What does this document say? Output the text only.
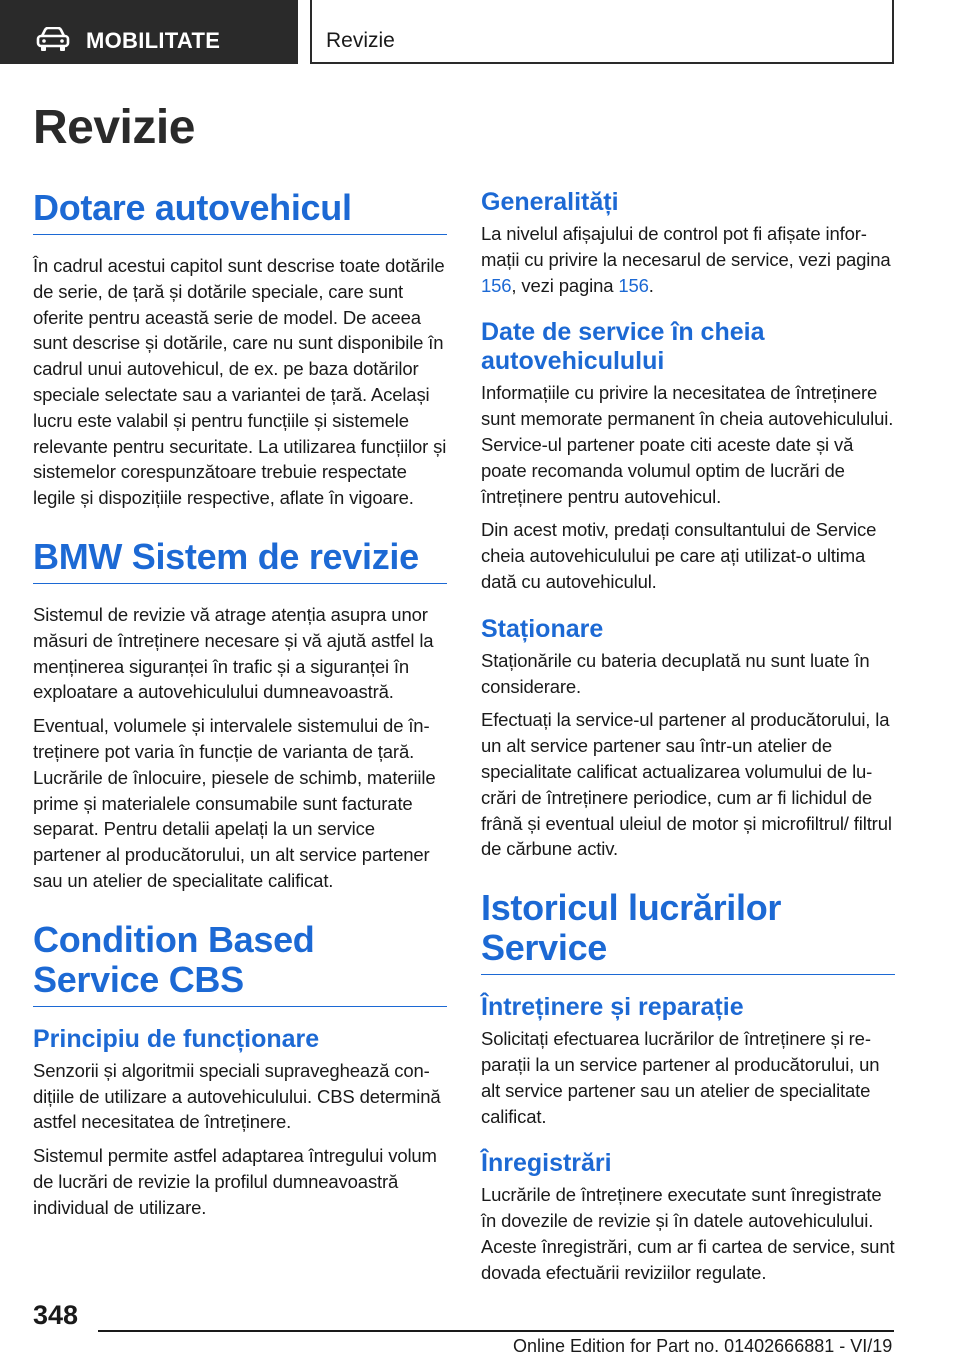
MOBILITATE	Revizie
Revizie
Dotare autovehicul

În cadrul acestui capitol sunt descrise toate dotările de serie, de țară și dotările speciale, care sunt oferite pentru această serie de model. De aceea sunt descrise și dotările, care nu sunt disponibile în cadrul unui autovehicul, de ex. pe baza dotărilor speciale selectate sau a variantei de țară. Același lucru este valabil și pentru funcțiile și sistemele relevante pentru securitate. La utilizarea funcțiilor și sistemelor corespunzătoare trebuie respectate legile și dispozițiile respective, aflate în vigoare.

BMW Sistem de revizie

Sistemul de revizie vă atrage atenția asupra unor măsuri de întreținere necesare și vă ajută astfel la menținerea siguranței în trafic și a siguranței în exploatare a autovehiculului dumneavoastră.

Eventual, volumele și intervalele sistemului de întreținere pot varia în funcție de varianta de țară. Lucrările de înlocuire, piesele de schimb, materiile prime și materialele consumabile sunt facturate separat. Pentru detalii apelați la un service partener al producătorului, un alt service partener sau un atelier de specialitate calificat.

Condition Based Service CBS
Principiu de funcționare

Senzorii și algoritmii speciali supraveghează condițiile de utilizare a autovehiculului. CBS determină astfel necesitatea de întreținere.

Sistemul permite astfel adaptarea întregului volum de lucrări de revizie la profilul dumneavoastră individual de utilizare.

Generalități

La nivelul afișajului de control pot fi afișate informații cu privire la necesarul de service, vezi pagina 156, vezi pagina 156.

Date de service în cheia autovehiculului

Informațiile cu privire la necesitatea de întreținere sunt memorate permanent în cheia autovehiculului. Service-ul partener poate citi aceste date și vă poate recomanda volumul optim de lucrări de întreținere pentru autovehicul.

Din acest motiv, predați consultantului de Service cheia autovehiculului pe care ați utilizat-o ultima dată cu autovehiculul.

Staționare

Staționările cu bateria decuplată nu sunt luate în considerare.

Efectuați la service-ul partener al producătorului, la un alt service partener sau într-un atelier de specialitate calificat actualizarea volumului de lucrări de întreținere periodice, cum ar fi lichidul de frână și eventual uleiul de motor și microfiltrul/ filtrul de cărbune activ.

Istoricul lucrărilor Service
Întreținere și reparație

Solicitați efectuarea lucrărilor de întreținere și reparații la un service partener al producătorului, un alt service partener sau un atelier de specialitate calificat.

Înregistrări

Lucrările de întreținere executate sunt înregistrate în dovezile de revizie și în datele autovehiculului. Aceste înregistrări, cum ar fi cartea de service, sunt dovada efectuării reviziilor regulate.

348
Online Edition for Part no. 01402666881 - VI/19
